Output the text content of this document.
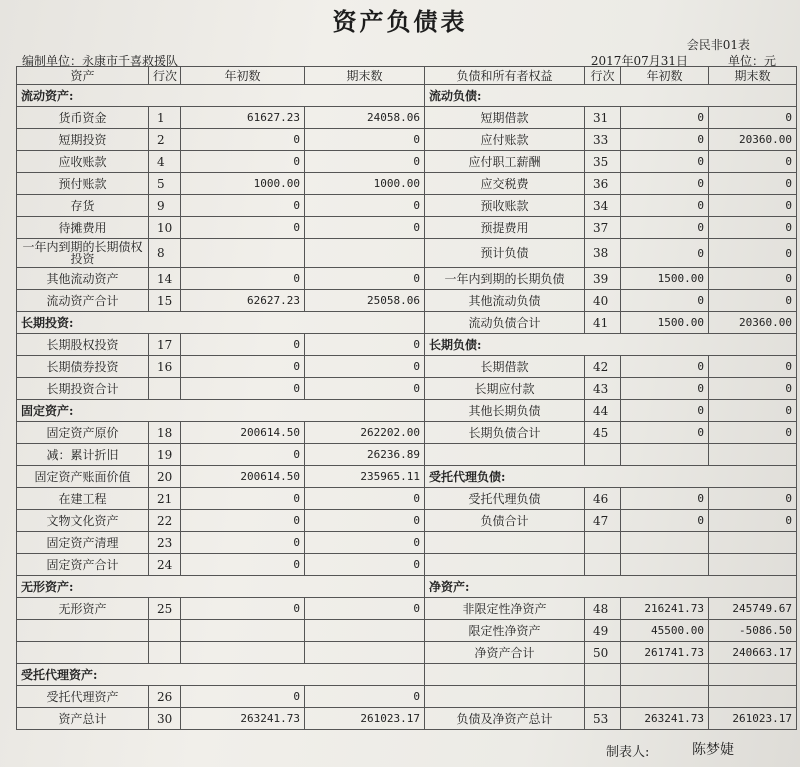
资产负债表
会民非01表
编制单位：永康市千喜救援队	2017年07月31日	单位：元
资产	行次	年初数	期末数	负债和所有者权益	行次	年初数	期末数
流动资产:				流动负债:			
货币资金	1	61627.23	24058.06	短期借款	31	0	0
短期投资	2	0	0	应付账款	33	0	20360.00
应收账款	4	0	0	应付职工薪酬	35	0	0
预付账款	5	1000.00	1000.00	应交税费	36	0	0
存货	9	0	0	预收账款	34	0	0
待摊费用	10	0	0	预提费用	37	0	0
一年内到期的长期债权投资	8			预计负债	38	0	0
其他流动资产	14	0	0	一年内到期的长期负债	39	1500.00	0
流动资产合计	15	62627.23	25058.06	其他流动负债	40	0	0
长期投资:				流动负债合计	41	1500.00	20360.00
长期股权投资	17	0	0	长期负债:			
长期债券投资	16	0	0	长期借款	42	0	0
长期投资合计		0	0	长期应付款	43	0	0
固定资产:				其他长期负债	44	0	0
固定资产原价	18	200614.50	262202.00	长期负债合计	45	0	0
减：累计折旧	19	0	26236.89				
固定资产账面价值	20	200614.50	235965.11	受托代理负债:			
在建工程	21	0	0	受托代理负债	46	0	0
文物文化资产	22	0	0	负债合计	47	0	0
固定资产清理	23	0	0				
固定资产合计	24	0	0				
无形资产:				净资产:			
无形资产	25	0	0	非限定性净资产	48	216241.73	245749.67
				限定性净资产	49	45500.00	-5086.50
				净资产合计	50	261741.73	240663.17
受托代理资产:							
受托代理资产	26	0	0				
资产总计	30	263241.73	261023.17	负债及净资产总计	53	263241.73	261023.17
制表人:	陈梦婕
